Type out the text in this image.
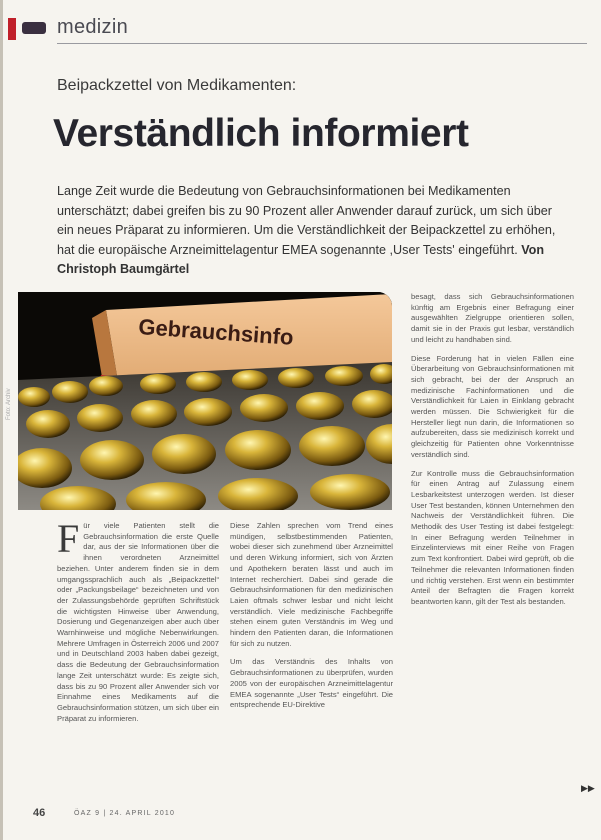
medizin
Beipackzettel von Medikamenten:
Verständlich informiert

Lange Zeit wurde die Bedeutung von Gebrauchsinformationen bei Medikamenten unterschätzt; dabei greifen bis zu 90 Prozent aller Anwender darauf zurück, um sich über ein neues Präparat zu informieren. Um die Verständlichkeit der Beipackzettel zu erhöhen, hat die europäische Arzneimittelagentur EMEA sogenannte ,User Tests' eingeführt. Von Christoph Baumgärtel

Gebrauchsinfo
Foto: Archiv

Für viele Patienten stellt die Gebrauchsinformation die erste Quelle dar, aus der sie Informationen über die ihnen verordneten Arzneimittel beziehen. Unter anderem finden sie in dem umgangssprachlich auch als „Beipackzettel“ oder „Packungsbeilage“ bezeichneten und von der Zulassungsbehörde geprüften Schriftstück die wichtigsten Hinweise über Anwendung, Dosierung und Gegenanzeigen aber auch über Warnhinweise und mögliche Nebenwirkungen. Mehrere Umfragen in Österreich 2006 und 2007 und in Deutschland 2003 haben dabei gezeigt, dass die Bedeutung der Gebrauchsinformation lange Zeit unterschätzt wurde: Es zeigte sich, dass bis zu 90 Prozent aller Anwender sich vor Einnahme eines Medikaments auf die Gebrauchsinformation stützen, um sich über ein Präparat zu informieren.

Diese Zahlen sprechen vom Trend eines mündigen, selbstbestimmenden Patienten, wobei dieser sich zunehmend über Arzneimittel und deren Wirkung informiert, sich von Ärzten und Apothekern beraten lässt und auch im Internet recherchiert. Dabei sind gerade die Gebrauchsinformationen für den medizinischen Laien oftmals schwer lesbar und nicht leicht verständlich. Viele medizinische Fachbegriffe stehen einem guten Verständnis im Weg und hindern den Patienten daran, die Informationen für sich zu nutzen.

Um das Verständnis des Inhalts von Gebrauchsinformationen zu überprüfen, wurden 2005 von der europäischen Arzneimittelagentur EMEA sogenannte „User Tests“ eingeführt. Die entsprechende EU-Direktive

besagt, dass sich Gebrauchsinformationen künftig am Ergebnis einer Befragung einer ausgewählten Zielgruppe orientieren sollen, damit sie in der Praxis gut lesbar, verständlich und leicht zu handhaben sind.

Diese Forderung hat in vielen Fällen eine Überarbeitung von Gebrauchsinformationen mit sich gebracht, bei der der Anspruch an medizinische Fachinformationen und die Verständlichkeit für Laien in Einklang gebracht werden müssen. Die Schwierigkeit für die Hersteller liegt nun darin, die Informationen so aufzubereiten, dass sie medizinisch korrekt und gleichzeitig für Patienten ohne Vorkenntnisse verständlich sind.

Zur Kontrolle muss die Gebrauchsinformation für einen Antrag auf Zulassung einem Lesbarkeitstest unterzogen werden. Ist dieser User Test bestanden, können Unternehmen den Nachweis der Verständlichkeit führen. Die Methodik des User Testing ist dabei festgelegt: In einer Befragung werden Teilnehmer in Einzelinterviews mit einer Reihe von Fragen zum Text konfrontiert. Dabei wird geprüft, ob die Teilnehmer die relevanten Informationen finden und richtig verstehen. Erst wenn ein bestimmter Anteil der Befragten die Fragen korrekt beantworten kann, gilt der Test als bestanden.

▶▶
46	ÖAZ 9 | 24. APRIL 2010
